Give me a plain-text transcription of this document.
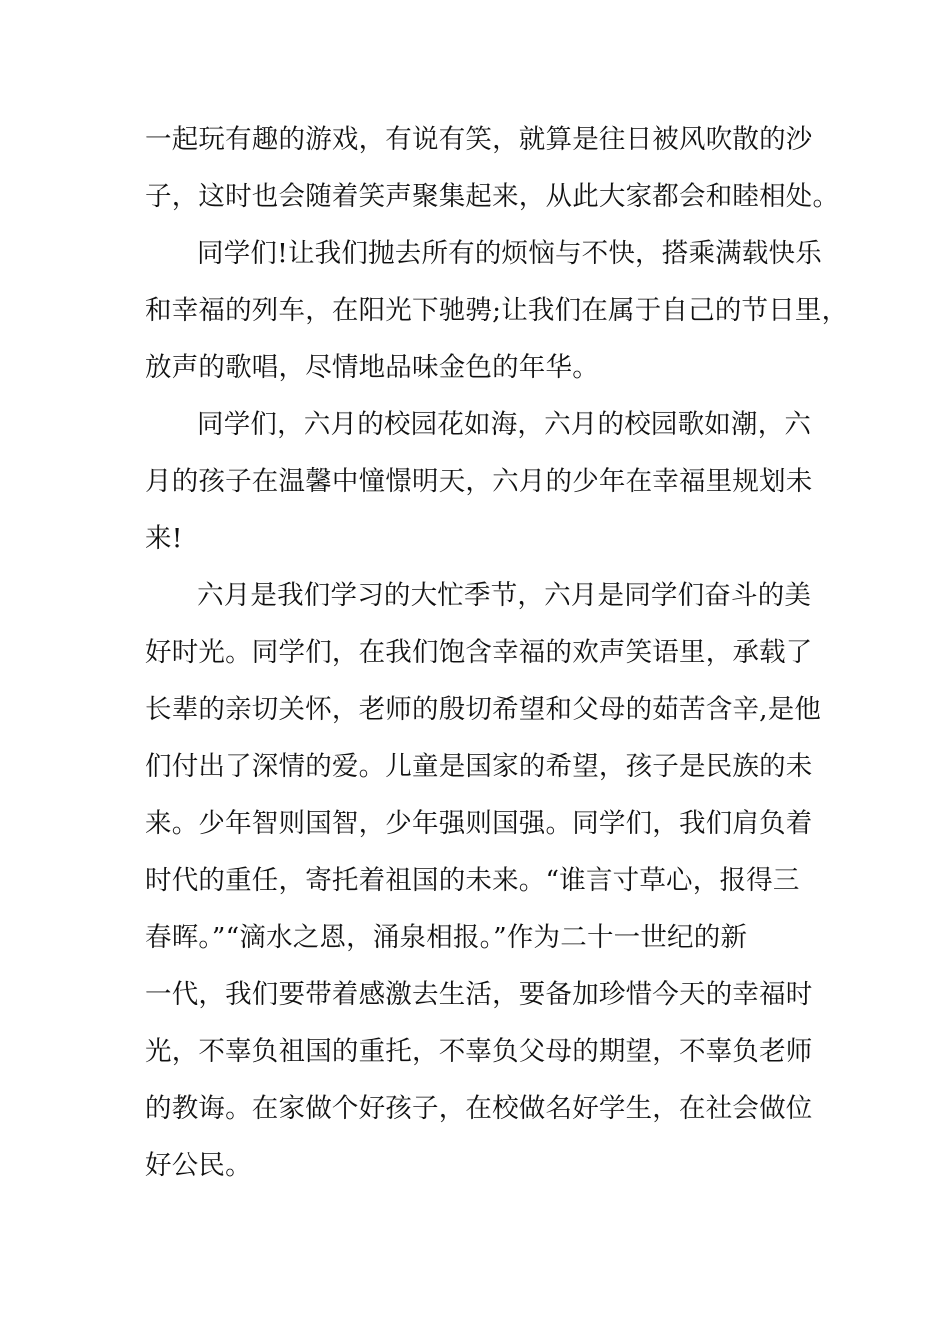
一起玩有趣的游戏，有说有笑，就算是往日被风吹散的沙

子，这时也会随着笑声聚集起来，从此大家都会和睦相处。

同学们!让我们抛去所有的烦恼与不快，搭乘满载快乐

和幸福的列车，在阳光下驰骋;让我们在属于自己的节日里，

放声的歌唱，尽情地品味金色的年华。

同学们，六月的校园花如海，六月的校园歌如潮，六

月的孩子在温馨中憧憬明天，六月的少年在幸福里规划未

来!

六月是我们学习的大忙季节，六月是同学们奋斗的美

好时光。同学们，在我们饱含幸福的欢声笑语里，承载了

长辈的亲切关怀，老师的殷切希望和父母的茹苦含辛,是他

们付出了深情的爱。儿童是国家的希望，孩子是民族的未

来。少年智则国智，少年强则国强。同学们，我们肩负着

时代的重任，寄托着祖国的未来。“谁言寸草心，报得三

春晖。”“滴水之恩，涌泉相报。”作为二十一世纪的新

一代，我们要带着感激去生活，要备加珍惜今天的幸福时

光，不辜负祖国的重托，不辜负父母的期望，不辜负老师

的教诲。在家做个好孩子，在校做名好学生，在社会做位

好公民。
